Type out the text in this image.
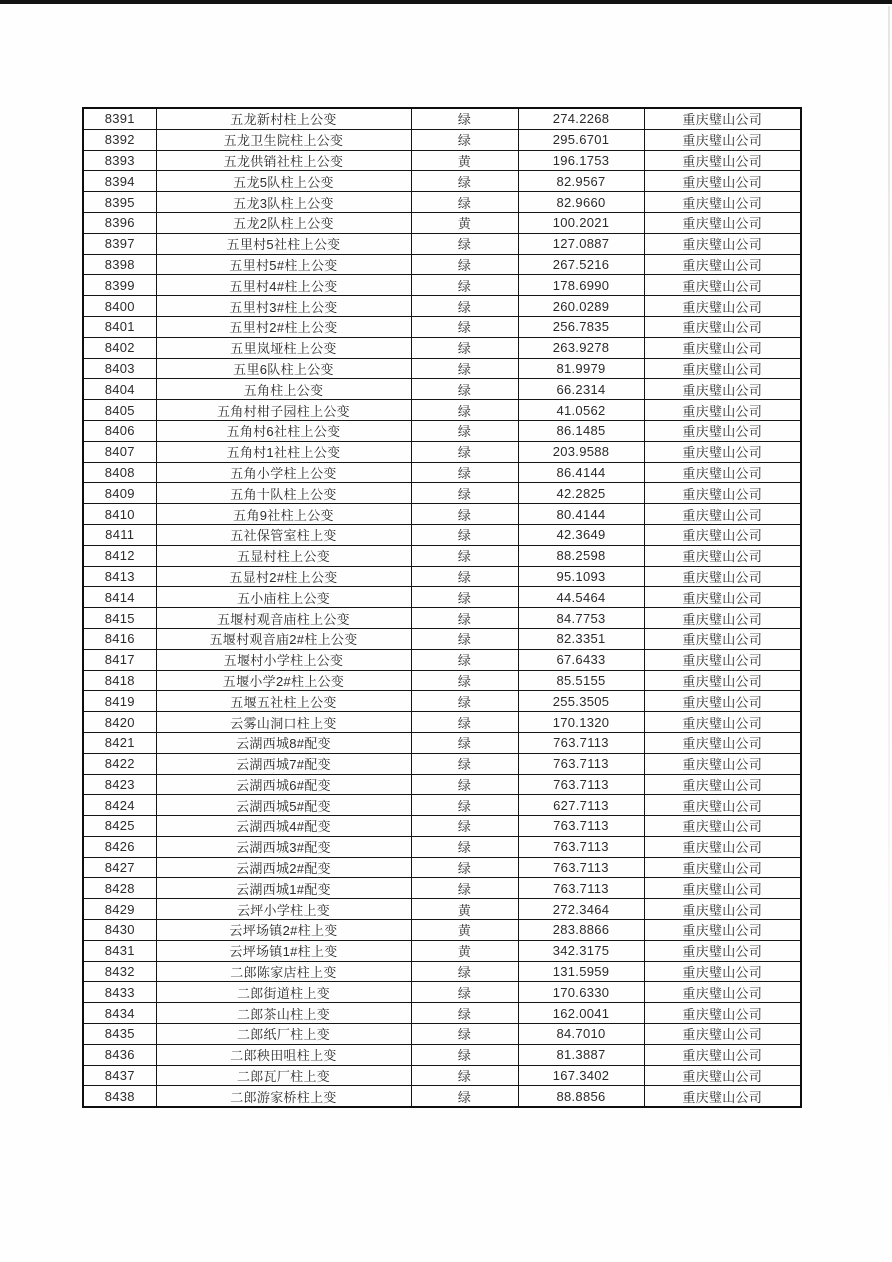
8391	五龙新村柱上公变	绿	274.2268	重庆璧山公司
8392	五龙卫生院柱上公变	绿	295.6701	重庆璧山公司
8393	五龙供销社柱上公变	黄	196.1753	重庆璧山公司
8394	五龙5队柱上公变	绿	82.9567	重庆璧山公司
8395	五龙3队柱上公变	绿	82.9660	重庆璧山公司
8396	五龙2队柱上公变	黄	100.2021	重庆璧山公司
8397	五里村5社柱上公变	绿	127.0887	重庆璧山公司
8398	五里村5#柱上公变	绿	267.5216	重庆璧山公司
8399	五里村4#柱上公变	绿	178.6990	重庆璧山公司
8400	五里村3#柱上公变	绿	260.0289	重庆璧山公司
8401	五里村2#柱上公变	绿	256.7835	重庆璧山公司
8402	五里岚垭柱上公变	绿	263.9278	重庆璧山公司
8403	五里6队柱上公变	绿	81.9979	重庆璧山公司
8404	五角柱上公变	绿	66.2314	重庆璧山公司
8405	五角村柑子园柱上公变	绿	41.0562	重庆璧山公司
8406	五角村6社柱上公变	绿	86.1485	重庆璧山公司
8407	五角村1社柱上公变	绿	203.9588	重庆璧山公司
8408	五角小学柱上公变	绿	86.4144	重庆璧山公司
8409	五角十队柱上公变	绿	42.2825	重庆璧山公司
8410	五角9社柱上公变	绿	80.4144	重庆璧山公司
8411	五社保管室柱上变	绿	42.3649	重庆璧山公司
8412	五显村柱上公变	绿	88.2598	重庆璧山公司
8413	五显村2#柱上公变	绿	95.1093	重庆璧山公司
8414	五小庙柱上公变	绿	44.5464	重庆璧山公司
8415	五堰村观音庙柱上公变	绿	84.7753	重庆璧山公司
8416	五堰村观音庙2#柱上公变	绿	82.3351	重庆璧山公司
8417	五堰村小学柱上公变	绿	67.6433	重庆璧山公司
8418	五堰小学2#柱上公变	绿	85.5155	重庆璧山公司
8419	五堰五社柱上公变	绿	255.3505	重庆璧山公司
8420	云雾山洞口柱上变	绿	170.1320	重庆璧山公司
8421	云湖西城8#配变	绿	763.7113	重庆璧山公司
8422	云湖西城7#配变	绿	763.7113	重庆璧山公司
8423	云湖西城6#配变	绿	763.7113	重庆璧山公司
8424	云湖西城5#配变	绿	627.7113	重庆璧山公司
8425	云湖西城4#配变	绿	763.7113	重庆璧山公司
8426	云湖西城3#配变	绿	763.7113	重庆璧山公司
8427	云湖西城2#配变	绿	763.7113	重庆璧山公司
8428	云湖西城1#配变	绿	763.7113	重庆璧山公司
8429	云坪小学柱上变	黄	272.3464	重庆璧山公司
8430	云坪场镇2#柱上变	黄	283.8866	重庆璧山公司
8431	云坪场镇1#柱上变	黄	342.3175	重庆璧山公司
8432	二郎陈家店柱上变	绿	131.5959	重庆璧山公司
8433	二郎街道柱上变	绿	170.6330	重庆璧山公司
8434	二郎茶山柱上变	绿	162.0041	重庆璧山公司
8435	二郎纸厂柱上变	绿	84.7010	重庆璧山公司
8436	二郎秧田咀柱上变	绿	81.3887	重庆璧山公司
8437	二郎瓦厂柱上变	绿	167.3402	重庆璧山公司
8438	二郎游家桥柱上变	绿	88.8856	重庆璧山公司
